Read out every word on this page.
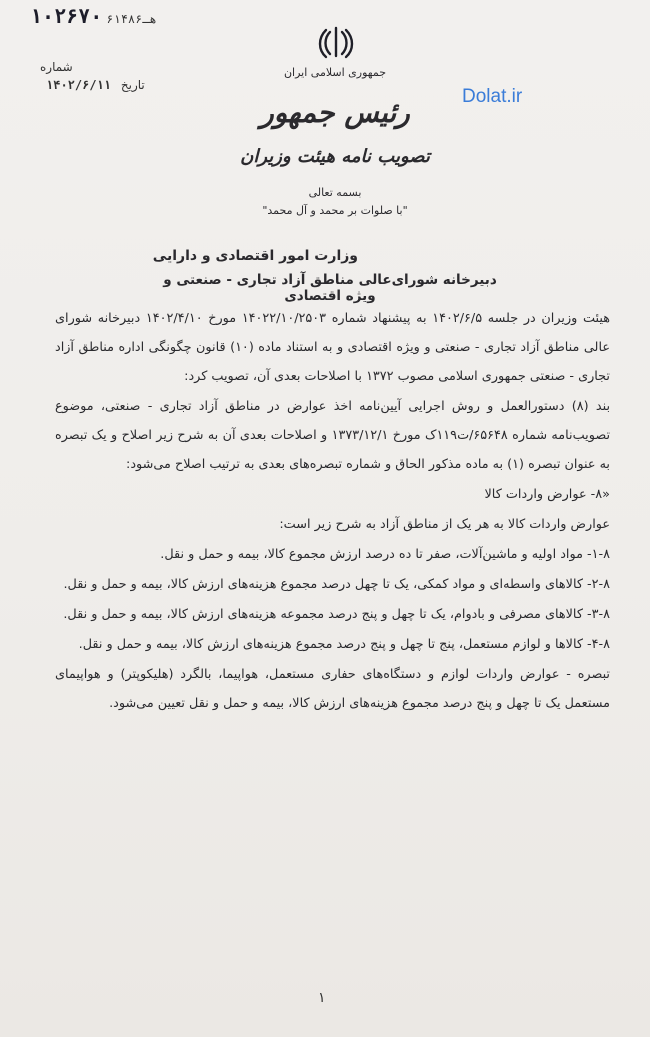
۱۰۲۶۷۰ ۶۱۴۸۶هـ
شماره
تاریخ ۱۴۰۲/۶/۱۱
جمهوری اسلامی ایران
رئیس جمهور
تصویب نامه هیئت وزیران
بسمه تعالی
"با صلوات بر محمد و آل محمد"
Dolat.ir
وزارت امور اقتصادی و دارایی
دبیرخانه شورای‌عالی مناطق آزاد تجاری - صنعتی و ویژه اقتصادی

هیئت وزیران در جلسه ۱۴۰۲/۶/۵ به پیشنهاد شماره ۱۴۰۲۲/۱۰/۲۵۰۳ مورخ ۱۴۰۲/۴/۱۰ دبیرخانه شورای عالی مناطق آزاد تجاری - صنعتی و ویژه اقتصادی و به استناد ماده (۱۰) قانون چگونگی اداره مناطق آزاد تجاری - صنعتی جمهوری اسلامی مصوب ۱۳۷۲ با اصلاحات بعدی آن، تصویب کرد:

بند (۸) دستورالعمل و روش اجرایی آیین‌نامه اخذ عوارض در مناطق آزاد تجاری - صنعتی، موضوع تصویب‌نامه شماره ۶۵۶۴۸/ت۱۱۹ک مورخ ۱۳۷۳/۱۲/۱ و اصلاحات بعدی آن به شرح زیر اصلاح و یک تبصره به عنوان تبصره (۱) به ماده مذکور الحاق و شماره تبصره‌های بعدی به ترتیب اصلاح می‌شود:

«۸- عوارض واردات کالا

عوارض واردات کالا به هر یک از مناطق آزاد به شرح زیر است:

۱-۸- مواد اولیه و ماشین‌آلات، صفر تا ده درصد ارزش مجموع کالا، بیمه و حمل و نقل.

۲-۸- کالاهای واسطه‌ای و مواد کمکی، یک تا چهل درصد مجموع هزینه‌های ارزش کالا، بیمه و حمل و نقل.

۳-۸- کالاهای مصرفی و بادوام، یک تا چهل و پنج درصد مجموعه هزینه‌های ارزش کالا، بیمه و حمل و نقل.

۴-۸- کالاها و لوازم مستعمل، پنج تا چهل و پنج درصد مجموع هزینه‌های ارزش کالا، بیمه و حمل و نقل.

تبصره - عوارض واردات لوازم و دستگاه‌های حفاری مستعمل، هواپیما، بالگرد (هلیکوپتر) و هواپیمای مستعمل یک تا چهل و پنج درصد مجموع هزینه‌های ارزش کالا، بیمه و حمل و نقل تعیین می‌شود.

۱
